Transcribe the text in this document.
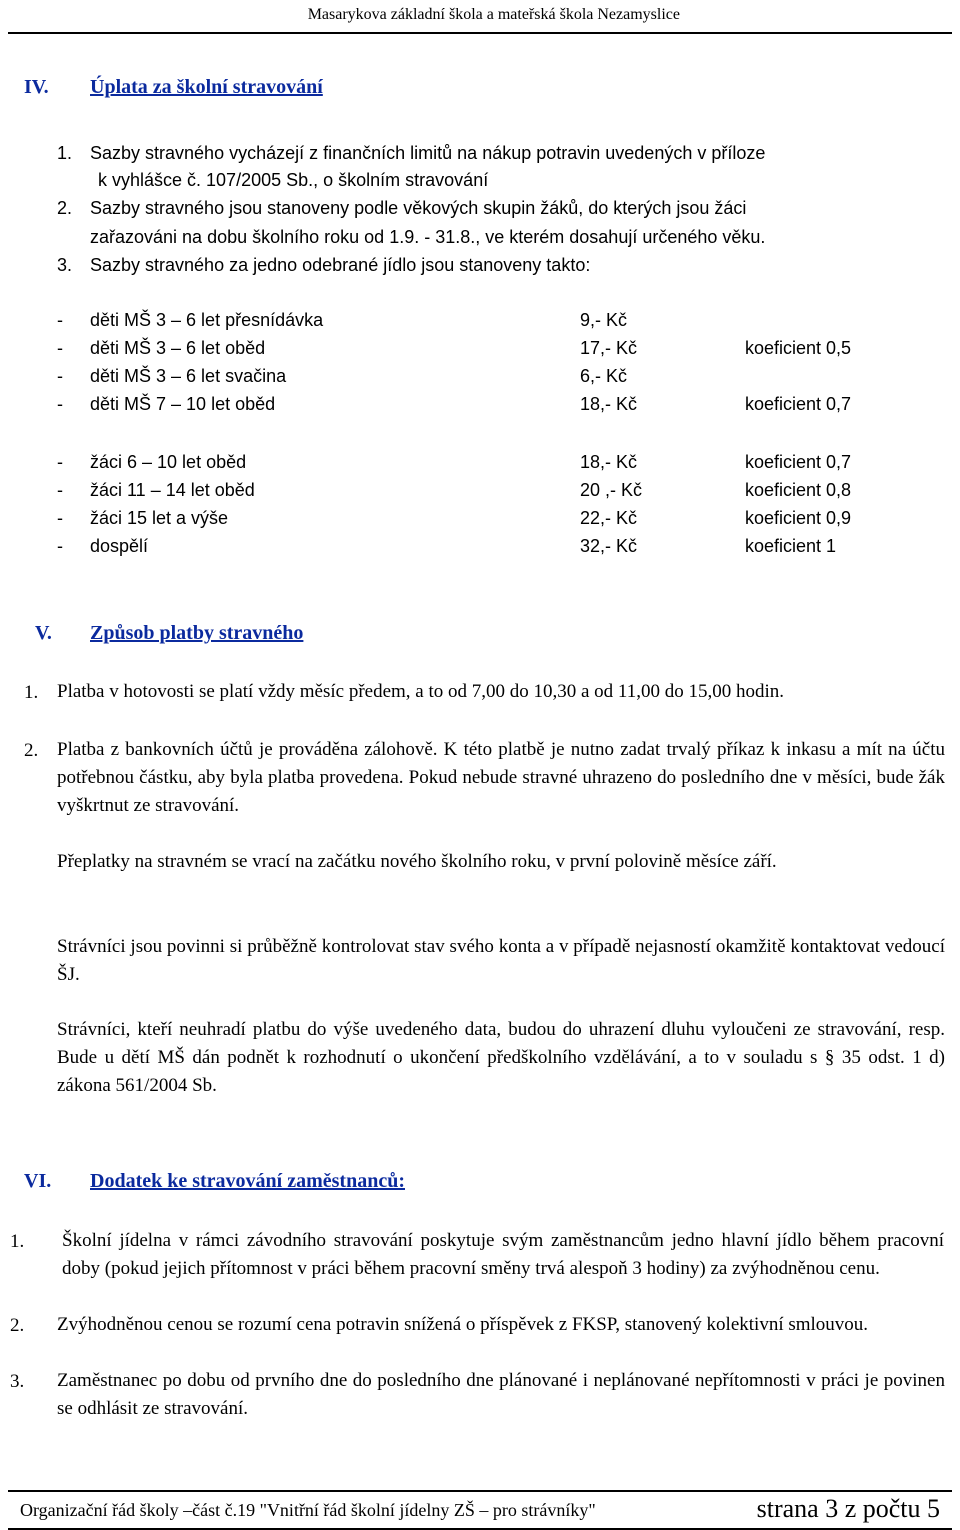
Masarykova základní škola a mateřská škola Nezamyslice
IV. Úplata za školní stravování
1. Sazby stravného vycházejí z finančních limitů na nákup potravin uvedených v příloze
k vyhlášce č. 107/2005 Sb., o školním stravování
2. Sazby stravného jsou stanoveny podle věkových skupin žáků, do kterých jsou žáci
zařazováni na dobu školního roku od 1.9. - 31.8., ve kterém dosahují určeného věku.
3. Sazby stravného za jedno odebrané jídlo jsou stanoveny takto:
- děti MŠ 3 – 6 let přesnídávka	9,- Kč
- děti MŠ 3 – 6 let oběd	17,- Kč	koeficient 0,5
- děti MŠ 3 – 6 let svačina	6,- Kč
- děti MŠ 7 – 10 let oběd	18,- Kč	koeficient 0,7
- žáci 6 – 10 let oběd	18,- Kč	koeficient 0,7
- žáci 11 – 14 let oběd	20 ,- Kč	koeficient 0,8
- žáci 15 let a výše	22,- Kč	koeficient 0,9
- dospělí	32,- Kč	koeficient 1
V. Způsob platby stravného
1. Platba v hotovosti se platí vždy měsíc předem, a to od 7,00 do 10,30 a od 11,00 do 15,00 hodin.
2. Platba z bankovních účtů je prováděna zálohově. K této platbě je nutno zadat trvalý příkaz k inkasu a mít na účtu potřebnou částku, aby byla platba provedena. Pokud nebude stravné uhrazeno do posledního dne v měsíci, bude žák vyškrtnut ze stravování.
Přeplatky na stravném se vrací na začátku nového školního roku, v první polovině měsíce září.
Strávníci jsou povinni si průběžně kontrolovat stav svého konta a v případě nejasností okamžitě kontaktovat vedoucí ŠJ.
Strávníci, kteří neuhradí platbu do výše uvedeného data, budou do uhrazení dluhu vyloučeni ze stravování, resp. Bude u dětí MŠ dán podnět k rozhodnutí o ukončení předškolního vzdělávání, a to v souladu s § 35 odst. 1 d) zákona 561/2004 Sb.
VI. Dodatek ke stravování zaměstnanců:
1. Školní jídelna v rámci závodního stravování poskytuje svým zaměstnancům jedno hlavní jídlo během pracovní doby (pokud jejich přítomnost v práci během pracovní směny trvá alespoň 3 hodiny) za zvýhodněnou cenu.
2. Zvýhodněnou cenou se rozumí cena potravin snížená o příspěvek z FKSP, stanovený kolektivní smlouvou.
3. Zaměstnanec po dobu od prvního dne do posledního dne plánované i neplánované nepřítomnosti v práci je povinen se odhlásit ze stravování.
Organizační řád školy –část č.19 "Vnitřní řád školní jídelny ZŠ – pro strávníky"	strana 3 z počtu 5
